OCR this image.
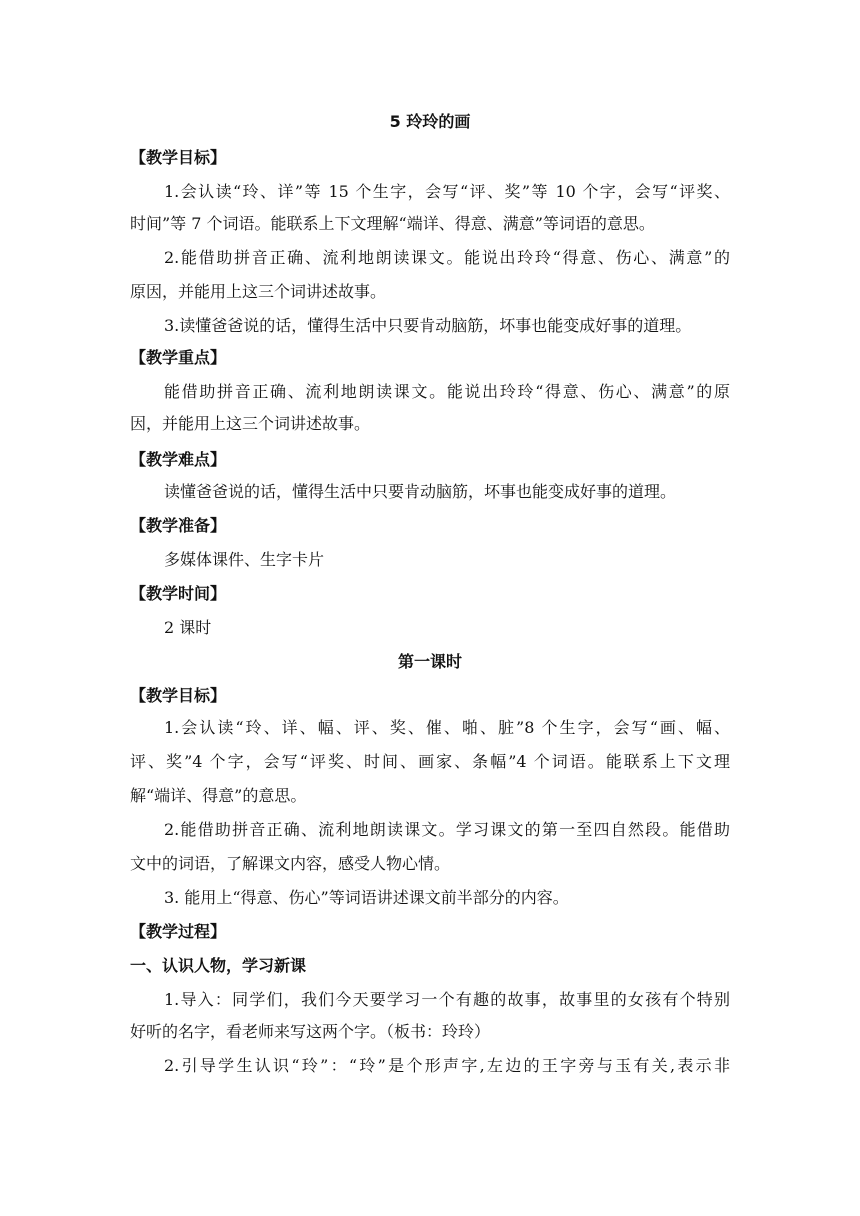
5 玲玲的画
【教学目标】
1.会认读“玲、详”等 15 个生字，会写“评、奖”等 10 个字，会写“评奖、
时间”等 7 个词语。能联系上下文理解“端详、得意、满意”等词语的意思。
2.能借助拼音正确、流利地朗读课文。能说出玲玲“得意、伤心、满意”的
原因，并能用上这三个词讲述故事。
3.读懂爸爸说的话，懂得生活中只要肯动脑筋，坏事也能变成好事的道理。
【教学重点】
能借助拼音正确、流利地朗读课文。能说出玲玲“得意、伤心、满意”的原
因，并能用上这三个词讲述故事。
【教学难点】
读懂爸爸说的话，懂得生活中只要肯动脑筋，坏事也能变成好事的道理。
【教学准备】
多媒体课件、生字卡片
【教学时间】
2 课时
第一课时
【教学目标】
1.会认读“玲、详、幅、评、奖、催、啪、脏”8 个生字，会写“画、幅、
评、奖”4 个字，会写“评奖、时间、画家、条幅”4 个词语。能联系上下文理
解“端详、得意”的意思。
2.能借助拼音正确、流利地朗读课文。学习课文的第一至四自然段。能借助
文中的词语，了解课文内容，感受人物心情。
3. 能用上“得意、伤心”等词语讲述课文前半部分的内容。
【教学过程】
一、认识人物，学习新课
1.导入：同学们，我们今天要学习一个有趣的故事，故事里的女孩有个特别
好听的名字，看老师来写这两个字。（板书：玲玲）
2.引导学生认识“玲”：“玲”是个形声字,左边的王字旁与玉有关,表示非
